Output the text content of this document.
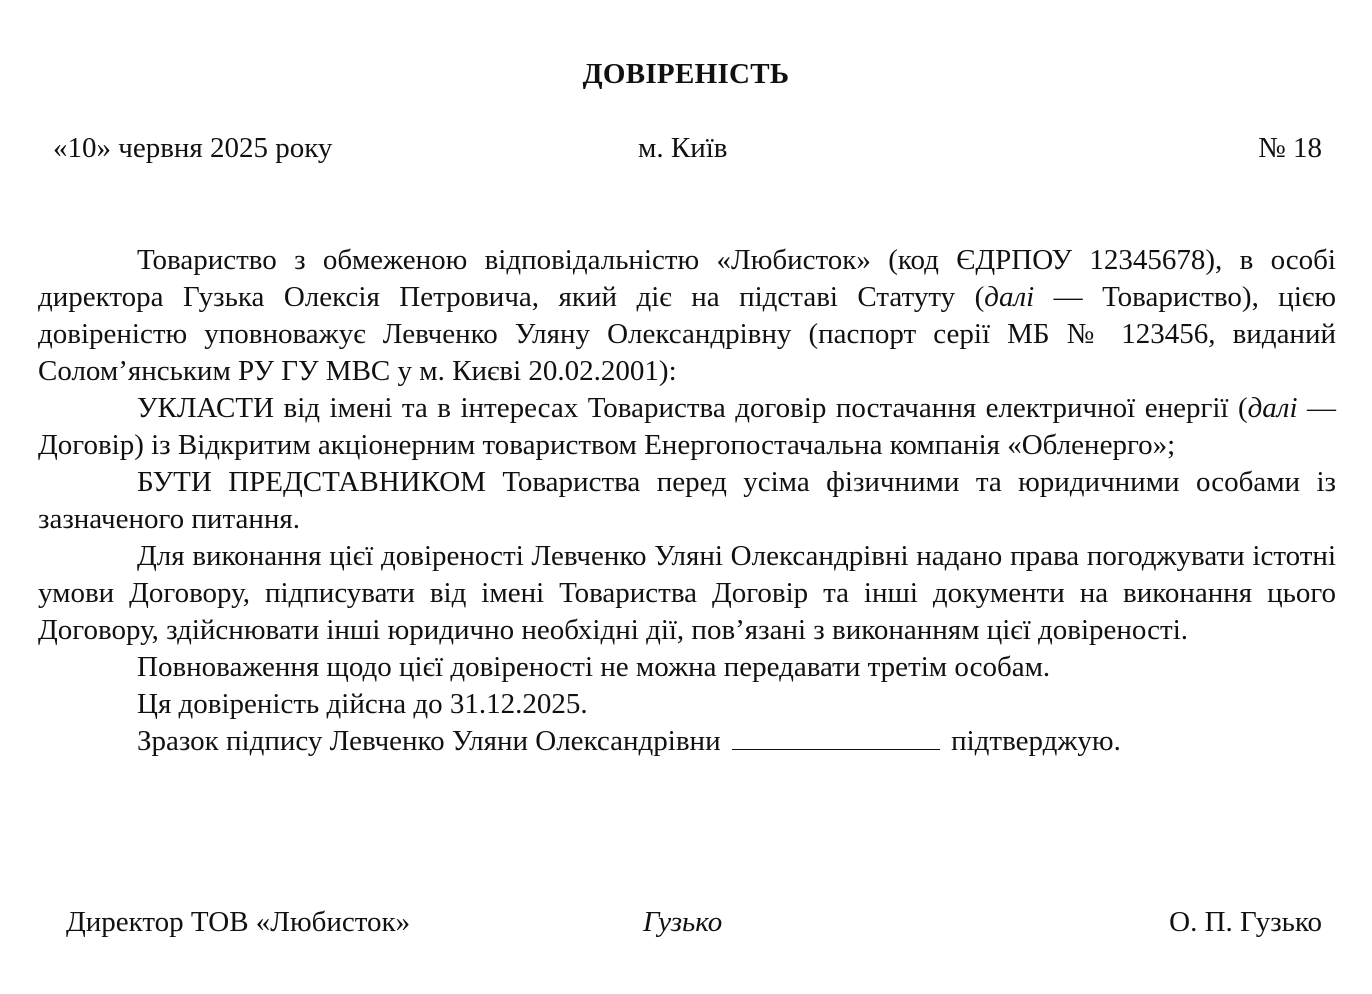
ДОВІРЕНІСТЬ
«10» червня 2025 року	м. Київ	№ 18

Товариство з обмеженою відповідальністю «Любисток» (код ЄДРПОУ 12345678), в особі директора Гузька Олексія Петровича, який діє на підставі Статуту (далі — Товариство), цією довіреністю уповноважує Левченко Уляну Олександрівну (паспорт серії МБ № 123456, виданий Солом’янським РУ ГУ МВС у м. Києві 20.02.2001):

УКЛАСТИ від імені та в інтересах Товариства договір постачання електричної енергії (далі — Договір) із Відкритим акціонерним товариством Енергопостачальна компанія «Обленерго»;

БУТИ ПРЕДСТАВНИКОМ Товариства перед усіма фізичними та юридичними особами із зазначеного питання.

Для виконання цієї довіреності Левченко Уляні Олександрівні надано права погоджувати істотні умови Договору, підписувати від імені Товариства Договір та інші документи на виконання цього Договору, здійснювати інші юридично необхідні дії, пов’язані з виконанням цієї довіреності.

Повноваження щодо цієї довіреності не можна передавати третім особам.

Ця довіреність дійсна до 31.12.2025.

Зразок підпису Левченко Уляни Олександрівни	підтверджую.

Директор ТОВ «Любисток»	Гузько	О. П. Гузько
